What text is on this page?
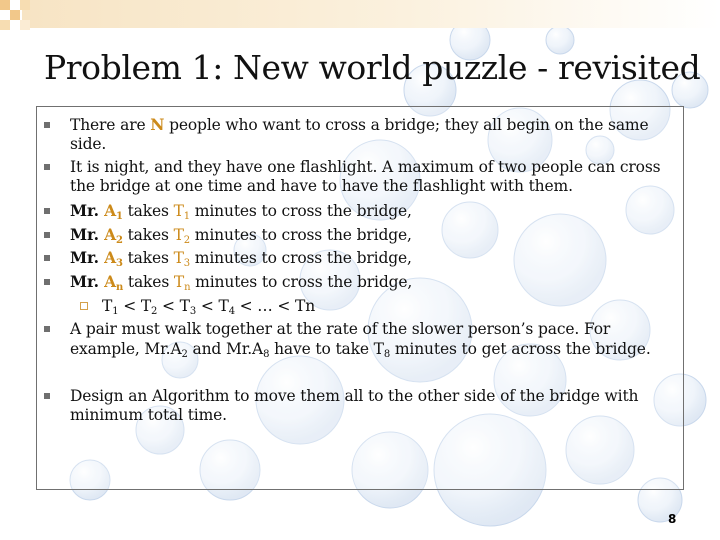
Problem 1: New world puzzle - revisited
There are N people who want to cross a bridge; they all begin on the same
side.
It is night, and they have one flashlight. A maximum of two people can cross
the bridge at one time and have to have the flashlight with them.
Mr. $A_1$ takes $T_1$ minutes to cross the bridge,
Mr. $A_2$ takes $T_2$ minutes to cross the bridge,
Mr. $A_3$ takes $T_3$ minutes to cross the bridge,
Mr. $A_n$ takes $T_n$ minutes to cross the bridge,
$T_1 < T_2 < T_3 < T_4$ < … < Tn
A pair must walk together at the rate of the slower person’s pace. For
example, $Mr.A_2$ and $Mr.A_8$ have to take $T_8$ minutes to get across the bridge.
Design an Algorithm to move them all to the other side of the bridge with
minimum total time.
8
